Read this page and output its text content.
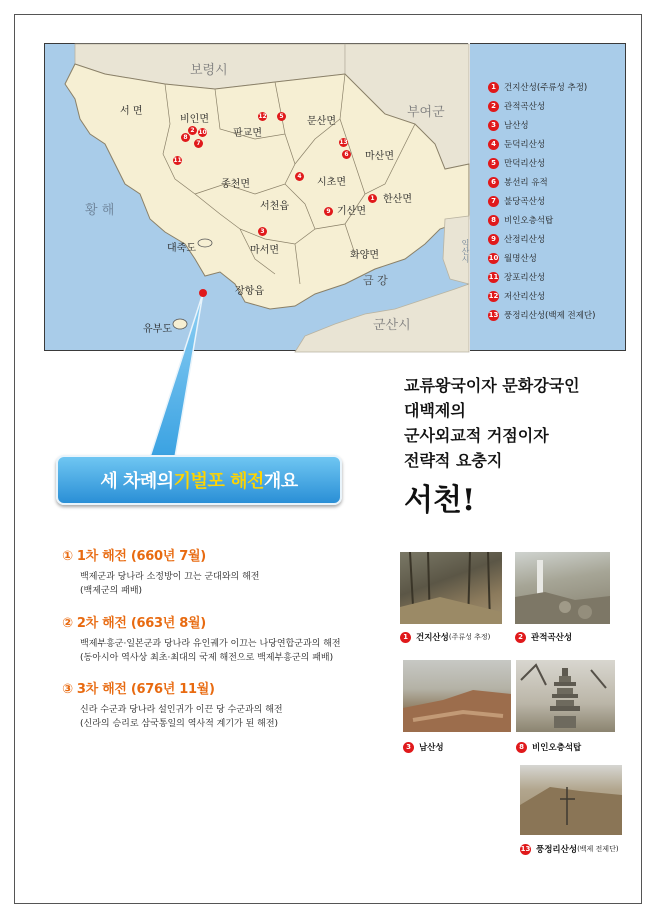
보령시
부여군
군산시
황 해
금 강
익산시
서 면
비인면
판교면
문산면
마산면
종천면	시초면
서천읍	기산면
한산면
마서면	화양면
장항읍
대죽도
유부도
1
2
3
4
5
6
7
8
9
10
11
12
13
1 건지산성(주류성 추정)
2 관적곡산성
3 남산성
4 둔덕리산성
5 만덕리산성
6 봉선리 유적
7 불당곡산성
8 비인오층석탑
9 산정리산성
10 월명산성
11 장포리산성
12 저산리산성
13 풍정리산성(백제 전제단)
세 차례의 기벌포 해전 개요
교류왕국이자 문화강국인
대백제의
군사외교적 거점이자
전략적 요충지
서천!
① 1차 해전 (660년 7월)

백제군과 당나라 소정방이 끄는 군대와의 해전

(백제군의 패배)

② 2차 해전 (663년 8월)

백제부흥군·일본군과 당나라 유인궤가 이끄는 나당연합군과의 해전

(동아시아 역사상 최초·최대의 국제 해전으로 백제부흥군의 패배)

③ 3차 해전 (676년 11월)

신라 수군과 당나라 설인귀가 이끈 당 수군과의 해전

(신라의 승리로 삼국통일의 역사적 계기가 된 해전)

1 건지산성 (주류성 추정)	2 관적곡산성
3 남산성	8 비인오층석탑
13 풍정리산성 (백제 전제단)
